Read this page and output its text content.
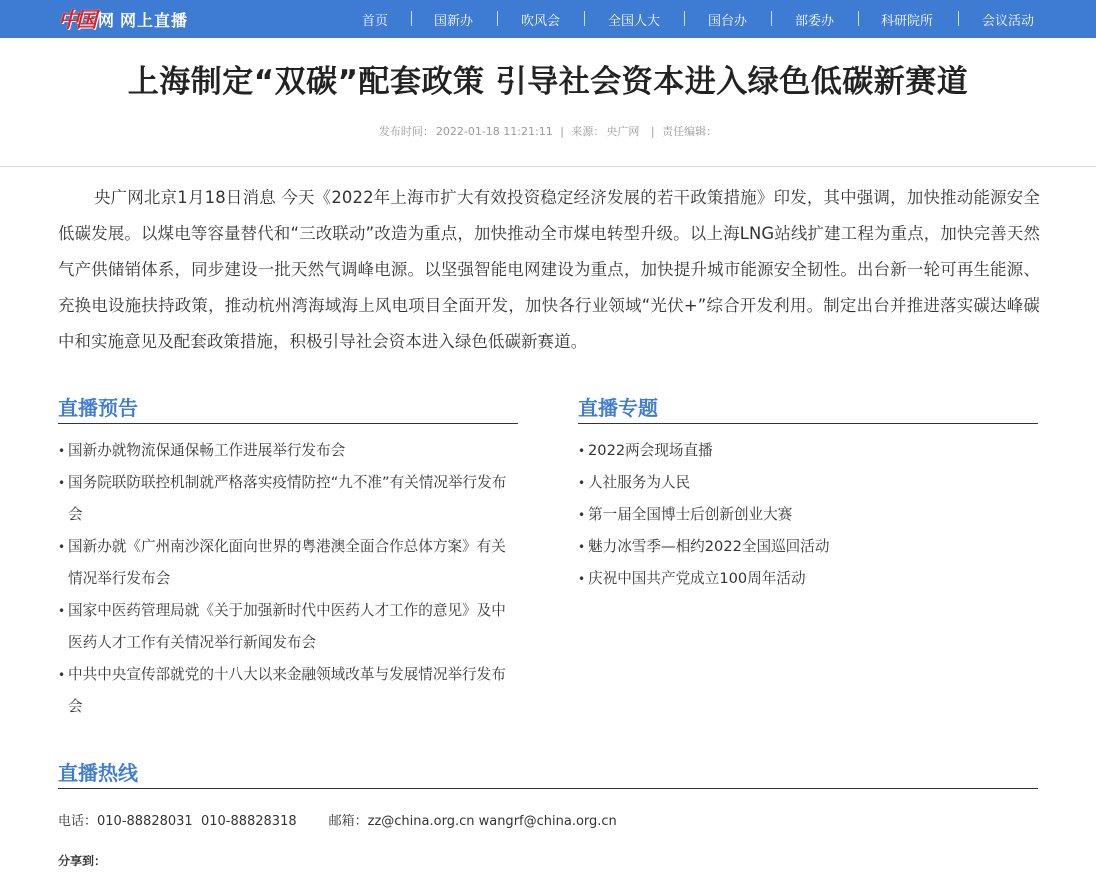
中国 网 网上直播	首页	国新办	吹风会	全国人大	国台办	部委办	科研院所	会议活动
上海制定“双碳”配套政策 引导社会资本进入绿色低碳新赛道
发布时间： 2022-01-18 11:21:11 | 来源： 央广网 | 责任编辑：

央广网北京1月18日消息 今天《2022年上海市扩大有效投资稳定经济发展的若干政策措施》印发，其中强调，加快推动能源安全低碳发展。以煤电等容量替代和“三改联动”改造为重点，加快推动全市煤电转型升级。以上海LNG站线扩建工程为重点，加快完善天然气产供储销体系，同步建设一批天然气调峰电源。以坚强智能电网建设为重点，加快提升城市能源安全韧性。出台新一轮可再生能源、充换电设施扶持政策，推动杭州湾海域海上风电项目全面开发，加快各行业领域“光伏+”综合开发利用。制定出台并推进落实碳达峰碳中和实施意见及配套政策措施，积极引导社会资本进入绿色低碳新赛道。

直播预告
• 国新办就物流保通保畅工作进展举行发布会
• 国务院联防联控机制就严格落实疫情防控“九不准”有关情况举行发布会
• 国新办就《广州南沙深化面向世界的粤港澳全面合作总体方案》有关情况举行发布会
• 国家中医药管理局就《关于加强新时代中医药人才工作的意见》及中医药人才工作有关情况举行新闻发布会
• 中共中央宣传部就党的十八大以来金融领域改革与发展情况举行发布会
直播专题
• 2022两会现场直播
• 人社服务为人民
• 第一届全国博士后创新创业大赛
• 魅力冰雪季—相约2022全国巡回活动
• 庆祝中国共产党成立100周年活动
直播热线
电话：010-88828031  010-88828318 邮箱：zz@china.org.cn wangrf@china.org.cn
分享到：
